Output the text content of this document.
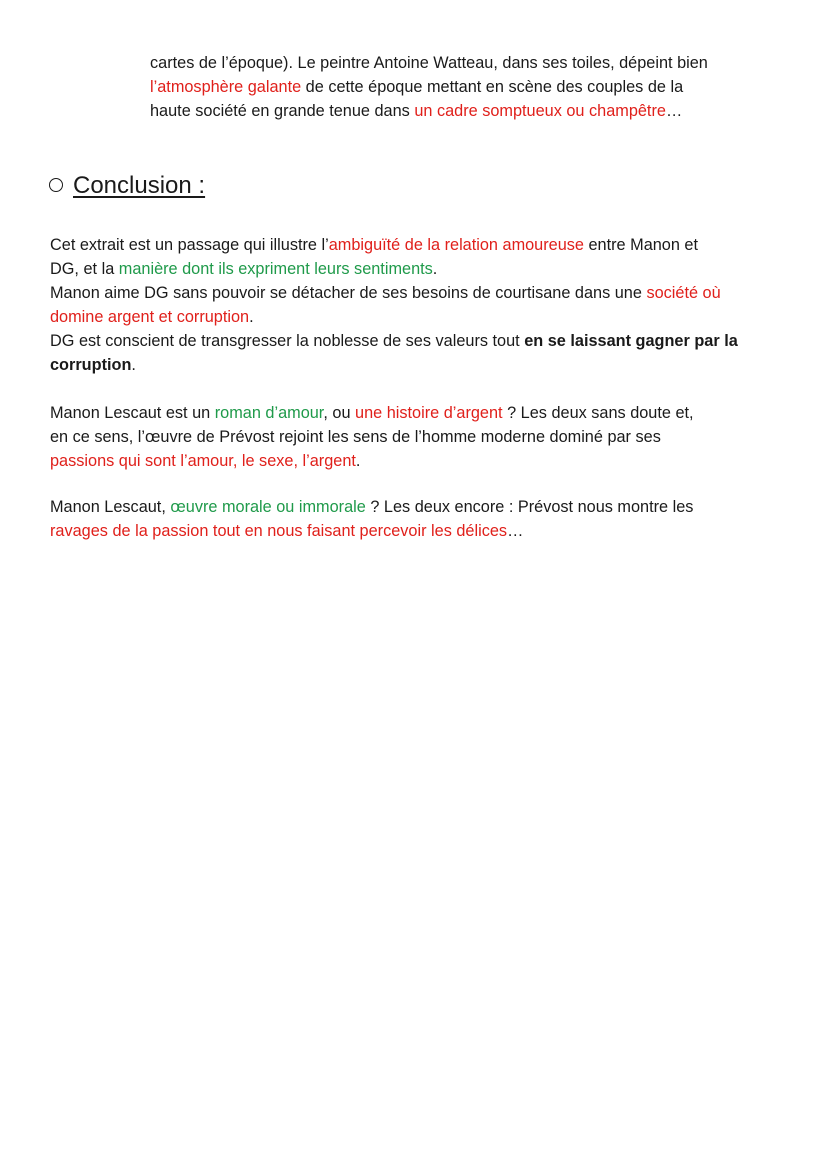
cartes de l’époque). Le peintre Antoine Watteau, dans ses toiles, dépeint bien
l’atmosphère galante de cette époque mettant en scène des couples de la
haute société en grande tenue dans un cadre somptueux ou champêtre…
Conclusion :
Cet extrait est un passage qui illustre l’ambiguïté de la relation amoureuse entre Manon et
DG, et la manière dont ils expriment leurs sentiments.
Manon aime DG sans pouvoir se détacher de ses besoins de courtisane dans une société où
domine argent et corruption.
DG est conscient de transgresser la noblesse de ses valeurs tout en se laissant gagner par la
corruption.
Manon Lescaut est un roman d’amour, ou une histoire d’argent ? Les deux sans doute et,
en ce sens, l’œuvre de Prévost rejoint les sens de l’homme moderne dominé par ses
passions qui sont l’amour, le sexe, l’argent.
Manon Lescaut, œuvre morale ou immorale ? Les deux encore : Prévost nous montre les
ravages de la passion tout en nous faisant percevoir les délices…
